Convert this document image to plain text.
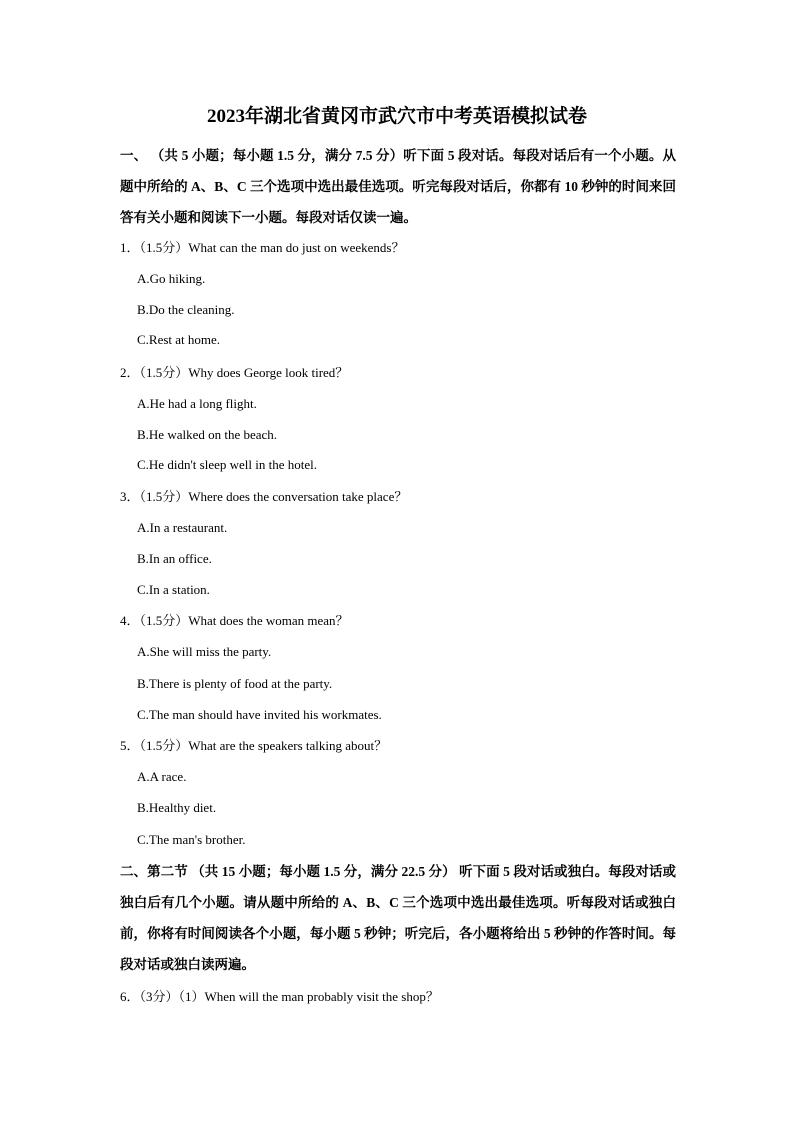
2023年湖北省黄冈市武穴市中考英语模拟试卷
一、 （共 5 小题；每小题 1.5 分，满分 7.5 分）听下面 5 段对话。每段对话后有一个小题。从题中所给的 A、B、C 三个选项中选出最佳选项。听完每段对话后，你都有 10 秒钟的时间来回答有关小题和阅读下一小题。每段对话仅读一遍。
1．（1.5分）What can the man do just on weekends？
A.Go hiking.
B.Do the cleaning.
C.Rest at home.
2．（1.5分）Why does George look tired？
A.He had a long flight.
B.He walked on the beach.
C.He didn't sleep well in the hotel.
3．（1.5分）Where does the conversation take place？
A.In a restaurant.
B.In an office.
C.In a station.
4．（1.5分）What does the woman mean？
A.She will miss the party.
B.There is plenty of food at the party.
C.The man should have invited his workmates.
5．（1.5分）What are the speakers talking about？
A.A race.
B.Healthy diet.
C.The man's brother.
二、第二节 （共 15 小题；每小题 1.5 分，满分 22.5 分） 听下面 5 段对话或独白。每段对话或独白后有几个小题。请从题中所给的 A、B、C 三个选项中选出最佳选项。听每段对话或独白前，你将有时间阅读各个小题，每小题 5 秒钟；听完后，各小题将给出 5 秒钟的作答时间。每段对话或独白读两遍。
6．（3分）（1）When will the man probably visit the shop？
